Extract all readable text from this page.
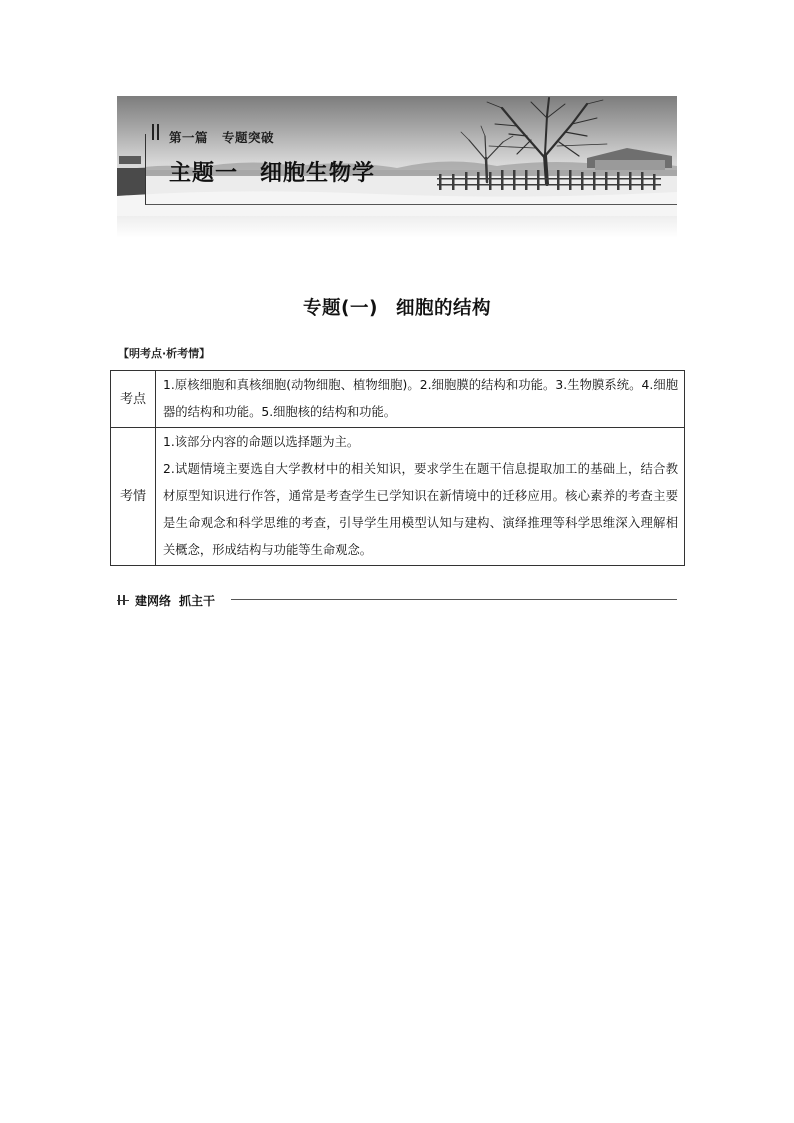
第一篇 专题突破
主题一 细胞生物学
专题(一) 细胞的结构
【明考点·析考情】
考点	1.原核细胞和真核细胞(动物细胞、植物细胞)。2.细胞膜的结构和功能。3.生物膜系统。4.细胞器的结构和功能。5.细胞核的结构和功能。

考情	1.该部分内容的命题以选择题为主。
2.试题情境主要选自大学教材中的相关知识，要求学生在题干信息提取加工的基础上，结合教材原型知识进行作答，通常是考查学生已学知识在新情境中的迁移应用。核心素养的考查主要是生命观念和科学思维的考查，引导学生用模型认知与建构、演绎推理等科学思维深入理解相关概念，形成结构与功能等生命观念。
建网络 抓主干
